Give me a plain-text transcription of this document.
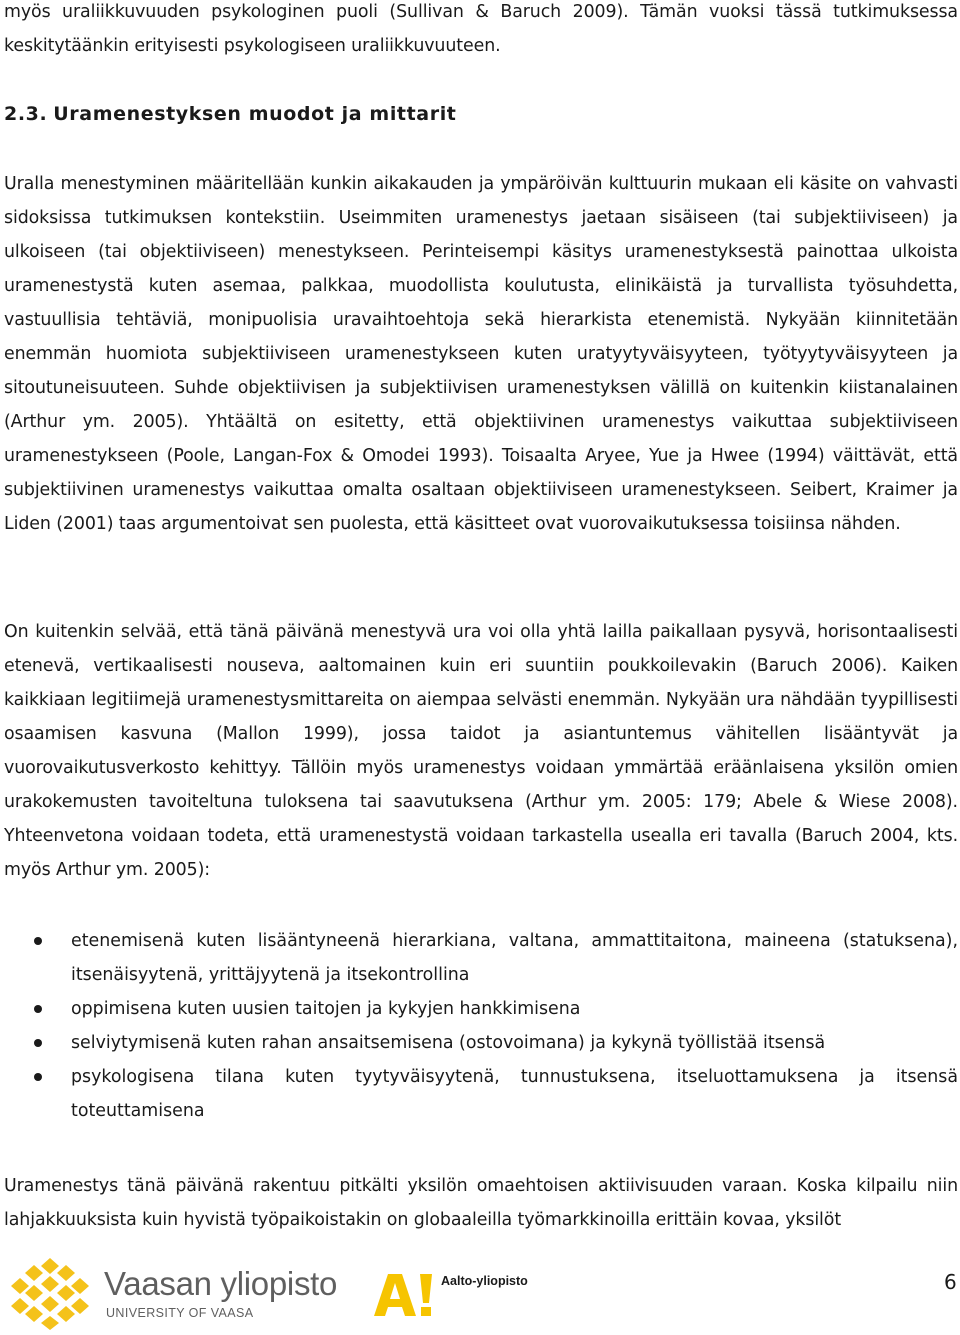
myös uraliikkuvuuden psykologinen puoli (Sullivan & Baruch 2009). Tämän vuoksi tässä tutkimuksessa keskitytäänkin erityisesti psykologiseen uraliikkuvuuteen.

2.3. Uramenestyksen muodot ja mittarit

Uralla menestyminen määritellään kunkin aikakauden ja ympäröivän kulttuurin mukaan eli käsite on vahvasti sidoksissa tutkimuksen kontekstiin. Useimmiten uramenestys jaetaan sisäiseen (tai subjektiiviseen) ja ulkoiseen (tai objektiiviseen) menestykseen. Perinteisempi käsitys uramenestyksestä painottaa ulkoista uramenestystä kuten asemaa, palkkaa, muodollista koulutusta, elinikäistä ja turvallista työsuhdetta, vastuullisia tehtäviä, monipuolisia uravaihtoehtoja sekä hierarkista etenemistä. Nykyään kiinnitetään enemmän huomiota subjektiiviseen uramenestykseen kuten uratyytyväisyyteen, työtyytyväisyyteen ja sitoutuneisuuteen. Suhde objektiivisen ja subjektiivisen uramenestyksen välillä on kuitenkin kiistanalainen (Arthur ym. 2005). Yhtäältä on esitetty, että objektiivinen uramenestys vaikuttaa subjektiiviseen uramenestykseen (Poole, Langan-Fox & Omodei 1993). Toisaalta Aryee, Yue ja Hwee (1994) väittävät, että subjektiivinen uramenestys vaikuttaa omalta osaltaan objektiiviseen uramenestykseen. Seibert, Kraimer ja Liden (2001) taas argumentoivat sen puolesta, että käsitteet ovat vuorovaikutuksessa toisiinsa nähden.

On kuitenkin selvää, että tänä päivänä menestyvä ura voi olla yhtä lailla paikallaan pysyvä, horisontaalisesti etenevä, vertikaalisesti nouseva, aaltomainen kuin eri suuntiin poukkoilevakin (Baruch 2006). Kaiken kaikkiaan legitiimejä uramenestysmittareita on aiempaa selvästi enemmän. Nykyään ura nähdään tyypillisesti osaamisen kasvuna (Mallon 1999), jossa taidot ja asiantuntemus vähitellen lisääntyvät ja vuorovaikutusverkosto kehittyy. Tällöin myös uramenestys voidaan ymmärtää eräänlaisena yksilön omien urakokemusten tavoiteltuna tuloksena tai saavutuksena (Arthur ym. 2005: 179; Abele & Wiese 2008). Yhteenvetona voidaan todeta, että uramenestystä voidaan tarkastella usealla eri tavalla (Baruch 2004, kts. myös Arthur ym. 2005):

etenemisenä kuten lisääntyneenä hierarkiana, valtana, ammattitaitona, maineena (statuksena), itsenäisyytenä, yrittäjyytenä ja itsekontrollina
oppimisena kuten uusien taitojen ja kykyjen hankkimisena
selviytymisenä kuten rahan ansaitsemisena (ostovoimana) ja kykynä työllistää itsensä
psykologisena tilana kuten tyytyväisyytenä, tunnustuksena, itseluottamuksena ja itsensä toteuttamisena

Uramenestys tänä päivänä rakentuu pitkälti yksilön omaehtoisen aktiivisuuden varaan. Koska kilpailu niin lahjakkuuksista kuin hyvistä työpaikoistakin on globaaleilla työmarkkinoilla erittäin kovaa, yksilöt

Vaasan yliopisto
UNIVERSITY OF VAASA
Aalto-yliopisto	6
